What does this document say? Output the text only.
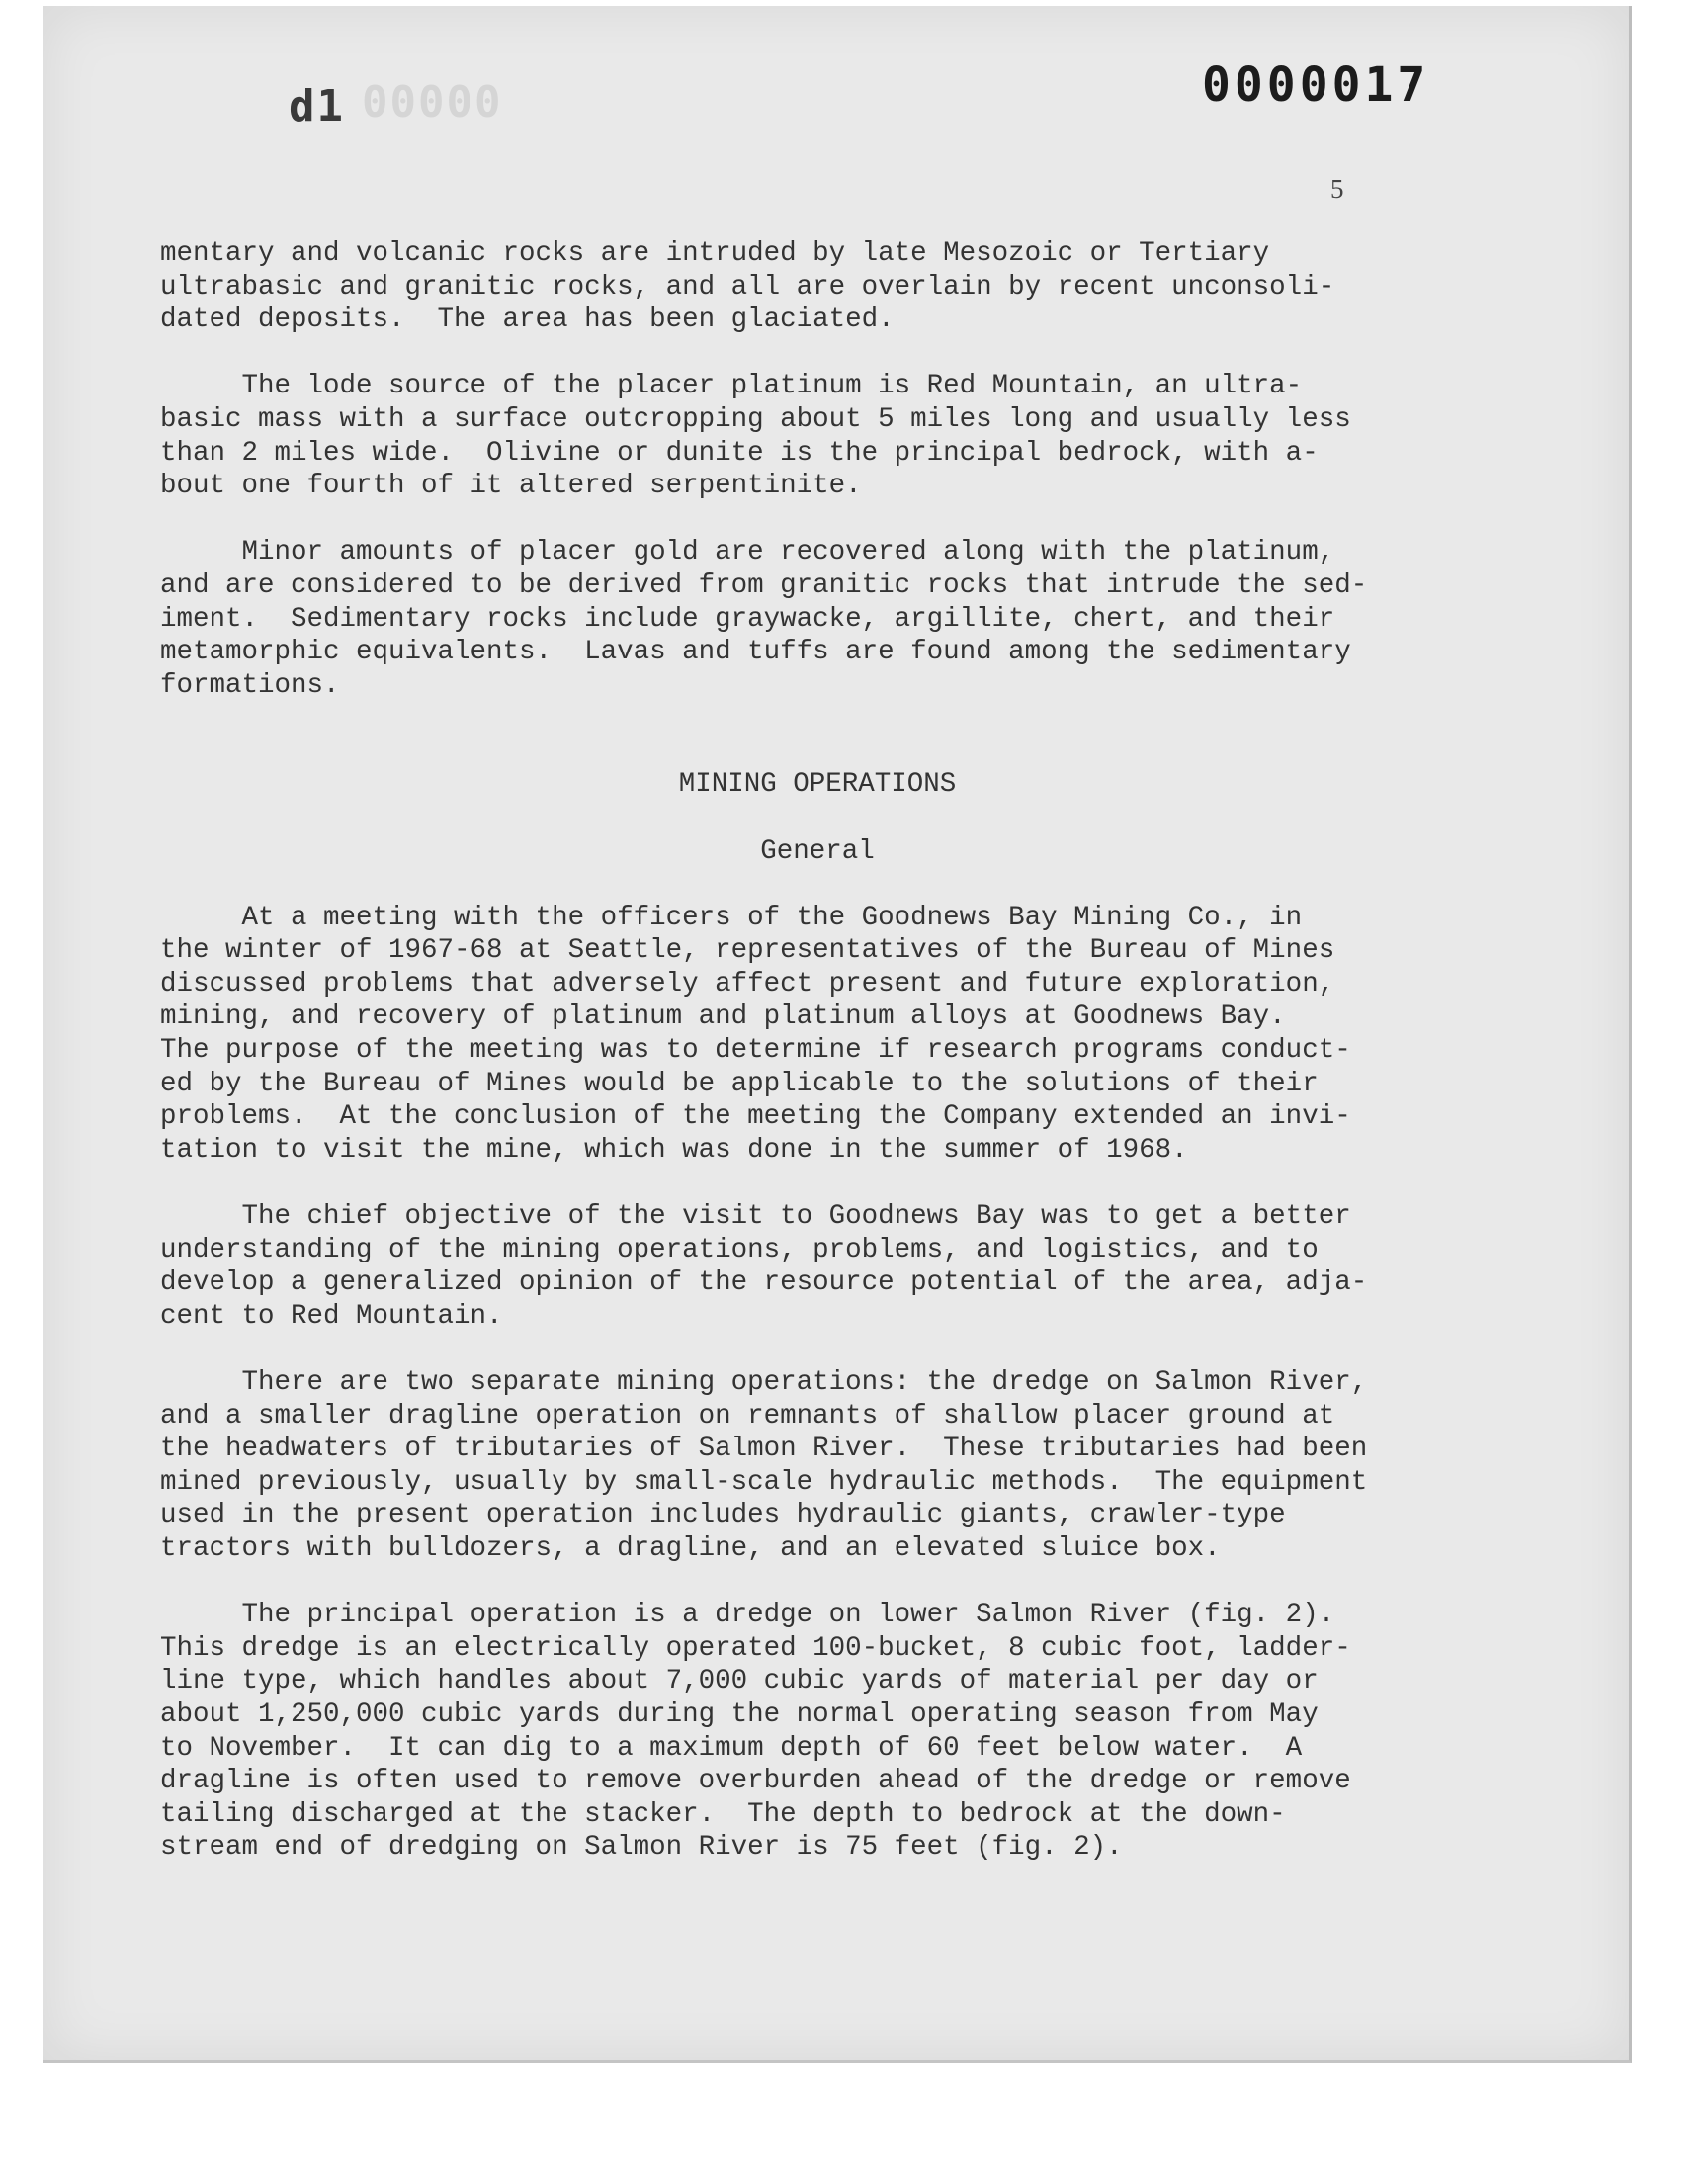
00000
d1	0000017
5

mentary and volcanic rocks are intruded by late Mesozoic or Tertiary
ultrabasic and granitic rocks, and all are overlain by recent unconsoli-
dated deposits.  The area has been glaciated.

The lode source of the placer platinum is Red Mountain, an ultra-
basic mass with a surface outcropping about 5 miles long and usually less
than 2 miles wide.  Olivine or dunite is the principal bedrock, with a-
bout one fourth of it altered serpentinite.

Minor amounts of placer gold are recovered along with the platinum,
and are considered to be derived from granitic rocks that intrude the sed-
iment.  Sedimentary rocks include graywacke, argillite, chert, and their
metamorphic equivalents.  Lavas and tuffs are found among the sedimentary
formations.

MINING OPERATIONS

General

At a meeting with the officers of the Goodnews Bay Mining Co., in
the winter of 1967-68 at Seattle, representatives of the Bureau of Mines
discussed problems that adversely affect present and future exploration,
mining, and recovery of platinum and platinum alloys at Goodnews Bay.
The purpose of the meeting was to determine if research programs conduct-
ed by the Bureau of Mines would be applicable to the solutions of their
problems.  At the conclusion of the meeting the Company extended an invi-
tation to visit the mine, which was done in the summer of 1968.

The chief objective of the visit to Goodnews Bay was to get a better
understanding of the mining operations, problems, and logistics, and to
develop a generalized opinion of the resource potential of the area, adja-
cent to Red Mountain.

There are two separate mining operations: the dredge on Salmon River,
and a smaller dragline operation on remnants of shallow placer ground at
the headwaters of tributaries of Salmon River.  These tributaries had been
mined previously, usually by small-scale hydraulic methods.  The equipment
used in the present operation includes hydraulic giants, crawler-type
tractors with bulldozers, a dragline, and an elevated sluice box.

The principal operation is a dredge on lower Salmon River (fig. 2).
This dredge is an electrically operated 100-bucket, 8 cubic foot, ladder-
line type, which handles about 7,000 cubic yards of material per day or
about 1,250,000 cubic yards during the normal operating season from May
to November.  It can dig to a maximum depth of 60 feet below water.  A
dragline is often used to remove overburden ahead of the dredge or remove
tailing discharged at the stacker.  The depth to bedrock at the down-
stream end of dredging on Salmon River is 75 feet (fig. 2).
